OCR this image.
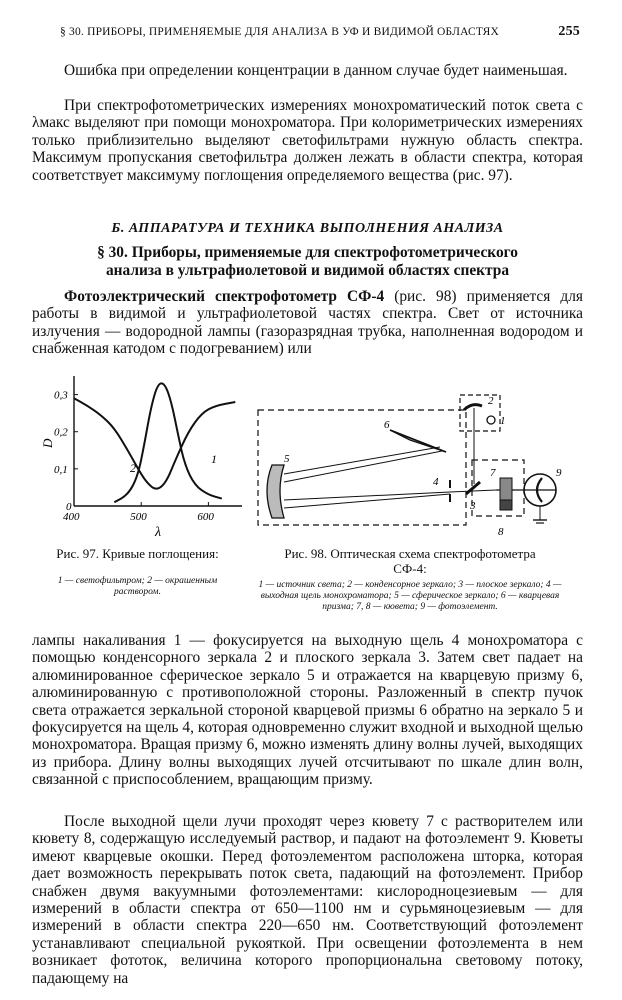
§ 30. ПРИБОРЫ, ПРИМЕНЯЕМЫЕ ДЛЯ АНАЛИЗА В УФ И ВИДИМОЙ ОБЛАСТЯХ	255
Ошибка при определении концентрации в данном случае будет наименьшая.
При спектрофотометрических измерениях монохроматический поток света с λмакс выделяют при помощи монохроматора. При колориметрических измерениях только приблизительно выделяют светофильтрами нужную область спектра. Максимум пропускания светофильтра должен лежать в области спектра, которая соответствует максимуму поглощения определяемого вещества (рис. 97).
Б. АППАРАТУРА И ТЕХНИКА ВЫПОЛНЕНИЯ АНАЛИЗА
§ 30. Приборы, применяемые для спектрофотометрического
анализа в ультрафиолетовой и видимой областях спектра
Фотоэлектрический спектрофотометр СФ-4 (рис. 98) применяется для работы в видимой и ультрафиолетовой частях спектра. Свет от источника излучения — водородной лампы (газоразрядная трубка, наполненная водородом и снабженная катодом с подогреванием) или
400	500	600
0
0,1
0,2
0,3
1
2
D
λ
Рис. 97. Кривые поглощения:
1 — светофильтром; 2 — окрашенным раствором.
1
2
3
4
5
6
7
8
9
Рис. 98. Оптическая схема спектрофотометра
СФ-4:
1 — источник света; 2 — конденсорное зеркало; 3 — плоское зеркало; 4 — выходная щель монохроматора; 5 — сферическое зеркало; 6 — кварцевая призма; 7, 8 — кювета; 9 — фотоэлемент.
лампы накаливания 1 — фокусируется на выходную щель 4 монохроматора с помощью конденсорного зеркала 2 и плоского зеркала 3. Затем свет падает на алюминированное сферическое зеркало 5 и отражается на кварцевую призму 6, алюминированную с противоположной стороны. Разложенный в спектр пучок света отражается зеркальной стороной кварцевой призмы 6 обратно на зеркало 5 и фокусируется на щель 4, которая одновременно служит входной и выходной щелью монохроматора. Вращая призму 6, можно изменять длину волны лучей, выходящих из прибора. Длину волны выходящих лучей отсчитывают по шкале длин волн, связанной с приспособлением, вращающим призму.
После выходной щели лучи проходят через кювету 7 с растворителем или кювету 8, содержащую исследуемый раствор, и падают на фотоэлемент 9. Кюветы имеют кварцевые окошки. Перед фотоэлементом расположена шторка, которая дает возможность перекрывать поток света, падающий на фотоэлемент. Прибор снабжен двумя вакуумными фотоэлементами: кислородноцезиевым — для измерений в области спектра от 650—1100 нм и сурьмяноцезиевым — для измерений в области спектра 220—650 нм. Соответствующий фотоэлемент устанавливают специальной рукояткой. При освещении фотоэлемента в нем возникает фототок, величина которого пропорциональна световому потоку, падающему на
